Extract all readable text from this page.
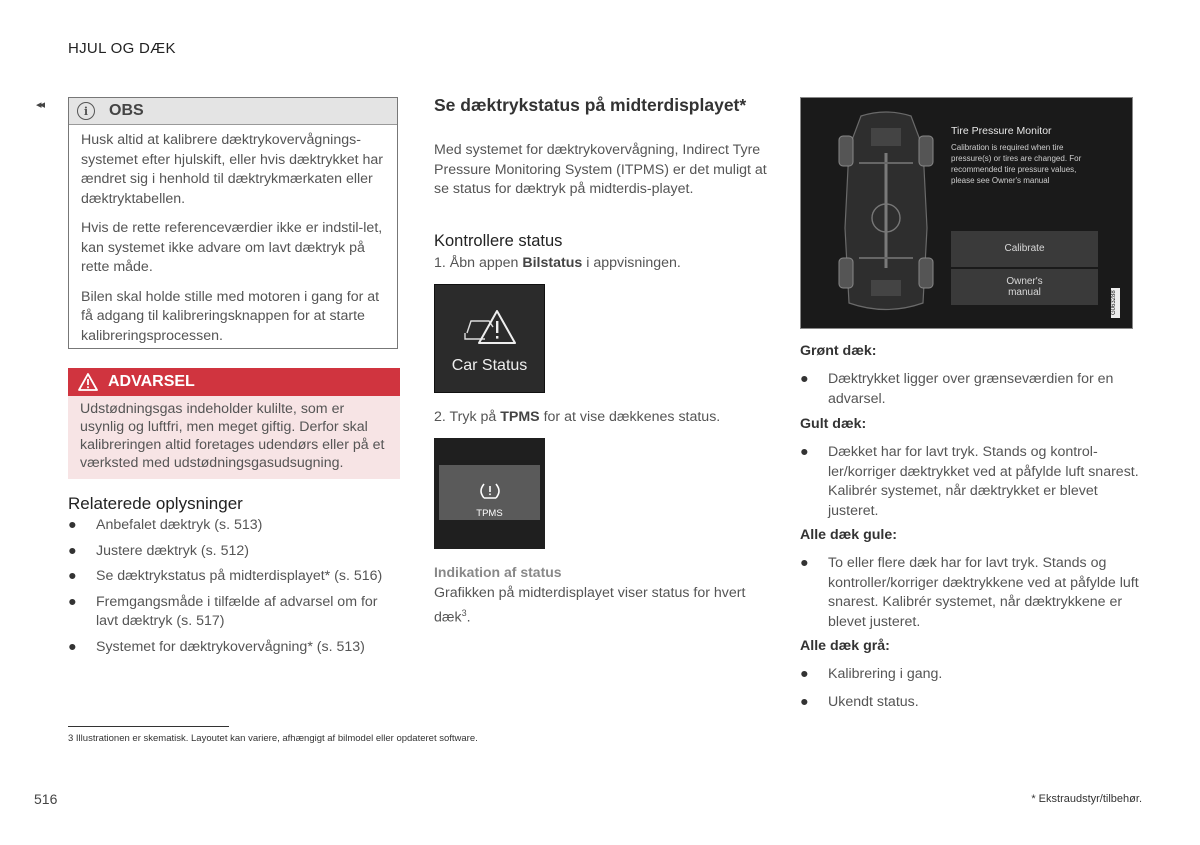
HJUL OG DÆK
◂◂	i	OBS

Husk altid at kalibrere dæktrykovervågnings-systemet efter hjulskift, eller hvis dæktrykket har ændret sig i henhold til dæktrykmærkaten eller dæktryktabellen.

Hvis de rette referenceværdier ikke er indstil-let, kan systemet ikke advare om lavt dæktryk på rette måde.

Bilen skal holde stille med motoren i gang for at få adgang til kalibreringsknappen for at starte kalibreringsprocessen.

ADVARSEL
Udstødningsgas indeholder kulilte, som er usynlig og luftfri, men meget giftig. Derfor skal kalibreringen altid foretages udendørs eller på et værksted med udstødningsgasudsugning.
Relaterede oplysninger
● Anbefalet dæktryk (s. 513)
● Justere dæktryk (s. 512)
● Se dæktrykstatus på midterdisplayet* (s. 516)
● Fremgangsmåde i tilfælde af advarsel om for lavt dæktryk (s. 517)
● Systemet for dæktrykovervågning* (s. 513)
Se dæktrykstatus på midterdisplayet*
Med systemet for dæktrykovervågning, Indirect Tyre Pressure Monitoring System (ITPMS) er det muligt at se status for dæktryk på midterdis-playet.
Kontrollere status
1. Åbn appen Bilstatus i appvisningen.
Car Status
2. Tryk på TPMS for at vise dækkenes status.
TPMS
Indikation af status
Grafikken på midterdisplayet viser status for hvert dæk$^3$.
Tire Pressure Monitor
Calibration is required when tire pressure(s) or tires are changed. For recommended tire pressure values, please see Owner's manual
Calibrate
Owner's
manual	G063288
Grønt dæk:
● Dæktrykket ligger over grænseværdien for en advarsel.
Gult dæk:
● Dækket har for lavt tryk. Stands og kontrol-ler/korriger dæktrykket ved at påfylde luft snarest. Kalibrér systemet, når dæktrykket er blevet justeret.
Alle dæk gule:
● To eller flere dæk har for lavt tryk. Stands og kontroller/korriger dæktrykkene ved at påfylde luft snarest. Kalibrér systemet, når dæktrykkene er blevet justeret.
Alle dæk grå:
● Kalibrering i gang.
● Ukendt status.
3 Illustrationen er skematisk. Layoutet kan variere, afhængigt af bilmodel eller opdateret software.
516	* Ekstraudstyr/tilbehør.
